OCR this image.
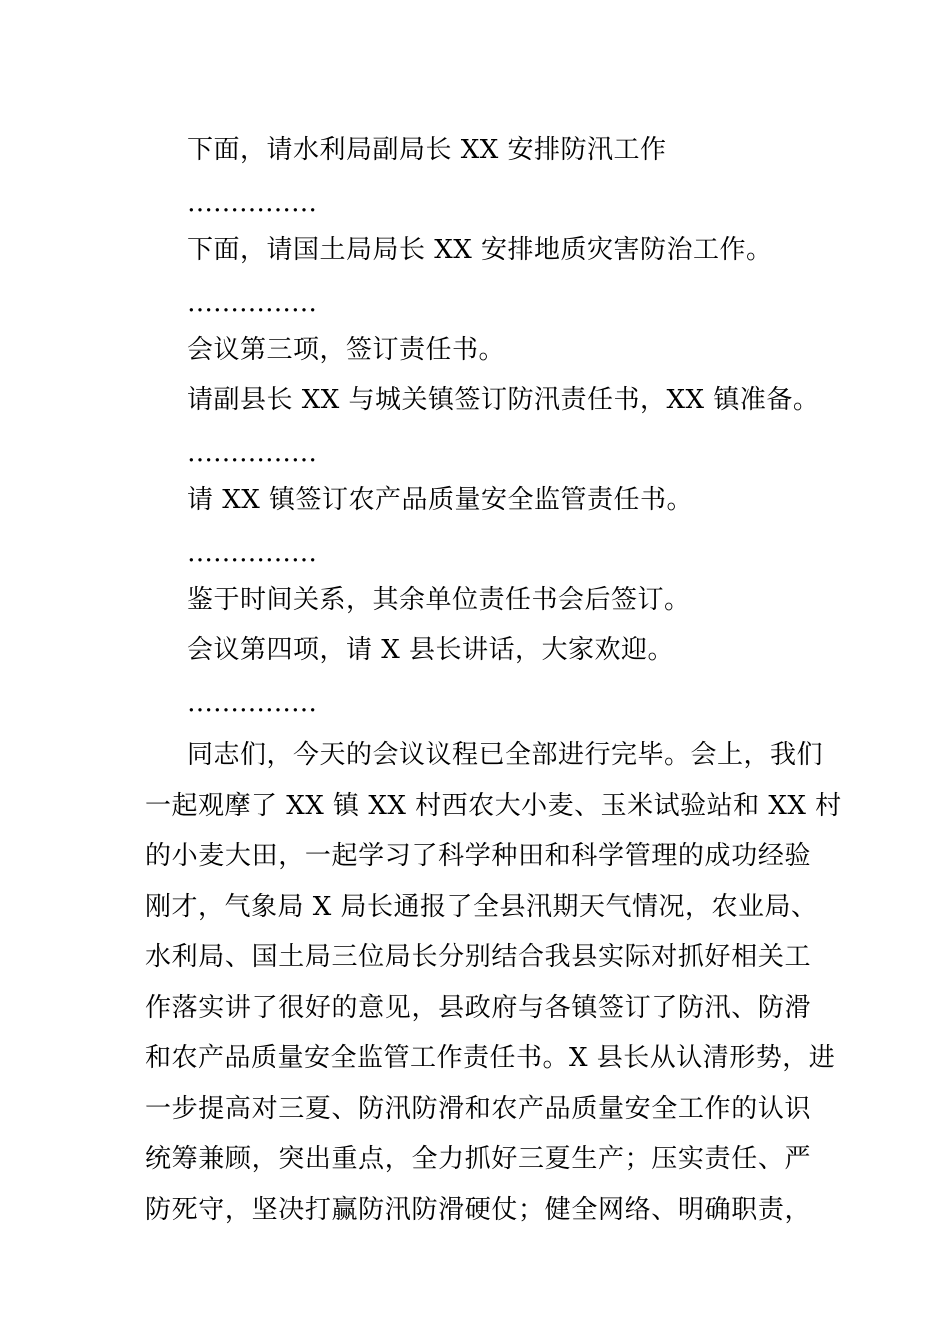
下面，请水利局副局长 XX 安排防汛工作
……………
下面，请国土局局长 XX 安排地质灾害防治工作。
……………
会议第三项，签订责任书。
请副县长 XX 与城关镇签订防汛责任书，XX 镇准备。
……………
请 XX 镇签订农产品质量安全监管责任书。
……………
鉴于时间关系，其余单位责任书会后签订。
会议第四项，请 X 县长讲话，大家欢迎。
……………
同志们，今天的会议议程已全部进行完毕。会上，我们
一起观摩了 XX 镇 XX 村西农大小麦、玉米试验站和 XX 村
的小麦大田，一起学习了科学种田和科学管理的成功经验
刚才，气象局 X 局长通报了全县汛期天气情况，农业局、
水利局、国土局三位局长分别结合我县实际对抓好相关工
作落实讲了很好的意见，县政府与各镇签订了防汛、防滑
和农产品质量安全监管工作责任书。X 县长从认清形势，进
一步提高对三夏、防汛防滑和农产品质量安全工作的认识
统筹兼顾，突出重点，全力抓好三夏生产；压实责任、严
防死守，坚决打赢防汛防滑硬仗；健全网络、明确职责，
